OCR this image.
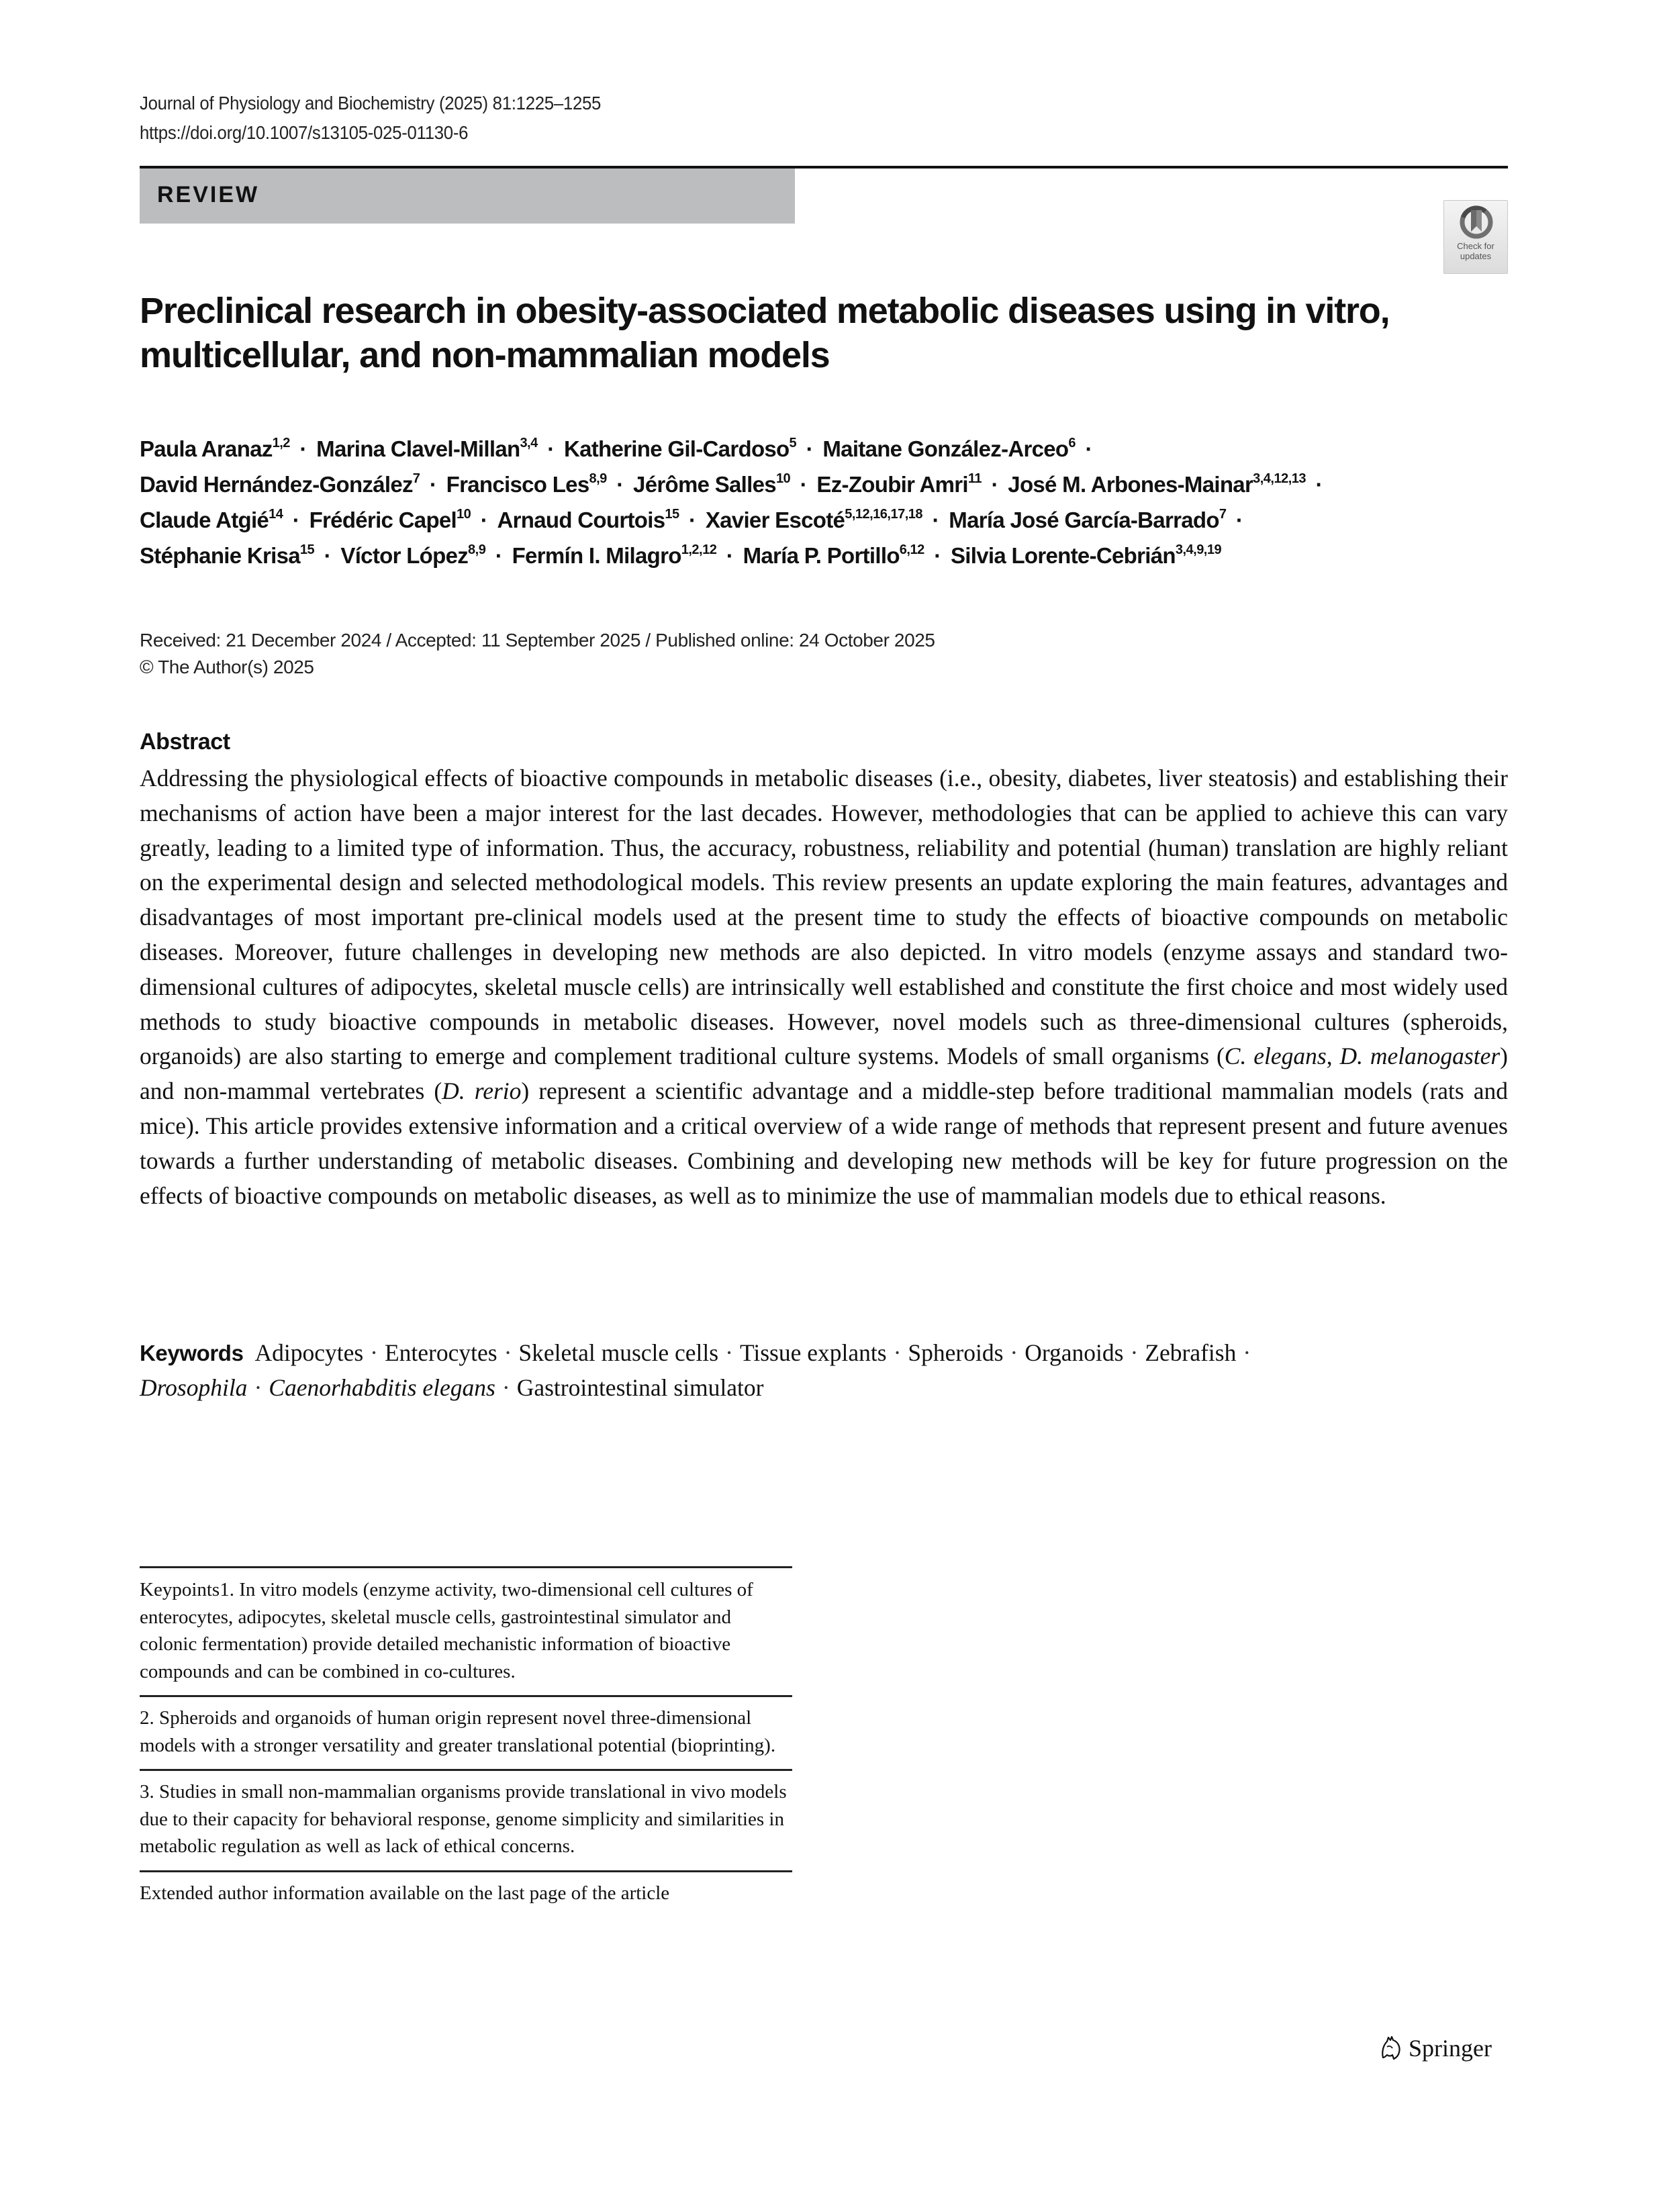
Journal of Physiology and Biochemistry (2025) 81:1225–1255
https://doi.org/10.1007/s13105-025-01130-6
REVIEW
Check for
updates
Preclinical research in obesity-associated metabolic diseases using in vitro, multicellular, and non-mammalian models
Paula Aranaz$^{1,2}$ · Marina Clavel-Millan$^{3,4}$ · Katherine Gil-Cardoso$^5$ · Maitane González-Arceo$^6$ ·
David Hernández-González$^7$ · Francisco Les$^{8,9}$ · Jérôme Salles$^{10}$ · Ez-Zoubir Amri$^{11}$ · José M. Arbones-Mainar$^{3,4,12,13}$ ·
Claude Atgié$^{14}$ · Frédéric Capel$^{10}$ · Arnaud Courtois$^{15}$ · Xavier Escoté$^{5,12,16,17,18}$ · María José García-Barrado$^7$ ·
Stéphanie Krisa$^{15}$ · Víctor López$^{8,9}$ · Fermín I. Milagro$^{1,2,12}$ · María P. Portillo$^{6,12}$ · Silvia Lorente-Cebrián$^{3,4,9,19}$
Received: 21 December 2024 / Accepted: 11 September 2025 / Published online: 24 October 2025
© The Author(s) 2025
Abstract

Addressing the physiological effects of bioactive compounds in metabolic diseases (i.e., obesity, diabetes, liver steatosis) and establishing their mechanisms of action have been a major interest for the last decades. However, methodologies that can be applied to achieve this can vary greatly, leading to a limited type of information. Thus, the accuracy, robustness, reliability and potential (human) translation are highly reliant on the experimental design and selected methodological models. This review presents an update exploring the main features, advantages and disadvantages of most important pre-clinical models used at the present time to study the effects of bioactive compounds on metabolic diseases. Moreover, future challenges in developing new methods are also depicted. In vitro models (enzyme assays and standard twodimensional cultures of adipocytes, skeletal muscle cells) are intrinsically well established and constitute the first choice and most widely used methods to study bioactive compounds in metabolic diseases. However, novel models such as three-dimensional cultures (spheroids, organoids) are also starting to emerge and complement traditional culture systems. Models of small organisms (C. elegans, D. melanogaster) and non-mammal vertebrates (D. rerio) represent a scientific advantage and a middle-step before traditional mammalian models (rats and mice). This article provides extensive information and a critical overview of a wide range of methods that represent present and future avenues towards a further understanding of metabolic diseases. Combining and developing new methods will be key for future progression on the effects of bioactive compounds on metabolic diseases, as well as to minimize the use of mammalian models due to ethical reasons.

Keywords Adipocytes · Enterocytes · Skeletal muscle cells · Tissue explants · Spheroids · Organoids · Zebrafish ·
Drosophila · Caenorhabditis elegans · Gastrointestinal simulator
Keypoints1. In vitro models (enzyme activity, two-dimensional cell cultures of enterocytes, adipocytes, skeletal muscle cells, gastrointestinal simulator and colonic fermentation) provide detailed mechanistic information of bioactive compounds and can be combined in co-cultures.
2. Spheroids and organoids of human origin represent novel three-dimensional models with a stronger versatility and greater translational potential (bioprinting).
3. Studies in small non-mammalian organisms provide translational in vivo models due to their capacity for behavioral response, genome simplicity and similarities in metabolic regulation as well as lack of ethical concerns.
Extended author information available on the last page of the article
Springer
